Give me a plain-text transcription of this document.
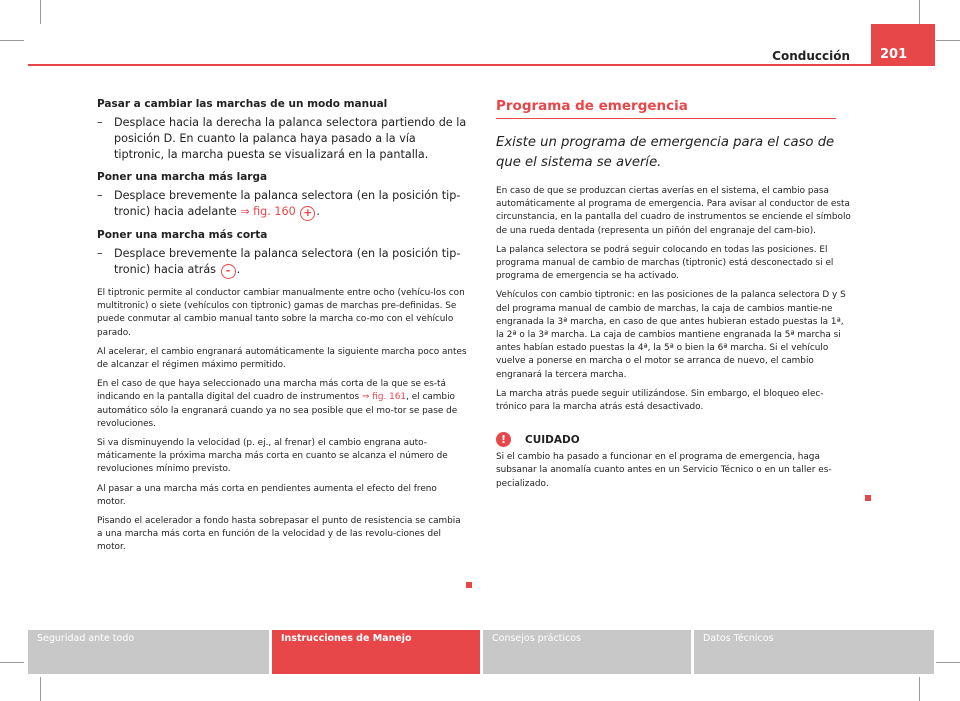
Conducción	201
Pasar a cambiar las marchas de un modo manual
–	Desplace hacia la derecha la palanca selectora partiendo de la posición D. En cuanto la palanca haya pasado a la vía tiptronic, la marcha puesta se visualizará en la pantalla.
Poner una marcha más larga
–	Desplace brevemente la palanca selectora (en la posición tip-tronic) hacia adelante ⇒ fig. 160 + .
Poner una marcha más corta
–	Desplace brevemente la palanca selectora (en la posición tip-tronic) hacia atrás - .

El tiptronic permite al conductor cambiar manualmente entre ocho (vehícu-los con multitronic) o siete (vehículos con tiptronic) gamas de marchas pre-definidas. Se puede conmutar al cambio manual tanto sobre la marcha co-mo con el vehículo parado.

Al acelerar, el cambio engranará automáticamente la siguiente marcha poco antes de alcanzar el régimen máximo permitido.

En el caso de que haya seleccionado una marcha más corta de la que se es-tá indicando en la pantalla digital del cuadro de instrumentos ⇒ fig. 161, el cambio automático sólo la engranará cuando ya no sea posible que el mo-tor se pase de revoluciones.

Si va disminuyendo la velocidad (p. ej., al frenar) el cambio engrana auto-máticamente la próxima marcha más corta en cuanto se alcanza el número de revoluciones mínimo previsto.

Al pasar a una marcha más corta en pendientes aumenta el efecto del freno motor.

Pisando el acelerador a fondo hasta sobrepasar el punto de resistencia se cambia a una marcha más corta en función de la velocidad y de las revolu-ciones del motor.

Programa de emergencia
Existe un programa de emergencia para el caso de que el sistema se averíe.

En caso de que se produzcan ciertas averías en el sistema, el cambio pasa automáticamente al programa de emergencia. Para avisar al conductor de esta circunstancia, en la pantalla del cuadro de instrumentos se enciende el símbolo de una rueda dentada (representa un piñón del engranaje del cam-bio).

La palanca selectora se podrá seguir colocando en todas las posiciones. El programa manual de cambio de marchas (tiptronic) está desconectado si el programa de emergencia se ha activado.

Vehículos con cambio tiptronic: en las posiciones de la palanca selectora D y S del programa manual de cambio de marchas, la caja de cambios mantie-ne engranada la 3ª marcha, en caso de que antes hubieran estado puestas la 1ª, la 2ª o la 3ª marcha. La caja de cambios mantiene engranada la 5ª marcha si antes habían estado puestas la 4ª, la 5ª o bien la 6ª marcha. Si el vehículo vuelve a ponerse en marcha o el motor se arranca de nuevo, el cambio engranará la tercera marcha.

La marcha atrás puede seguir utilizándose. Sin embargo, el bloqueo elec-trónico para la marcha atrás está desactivado.

!	CUIDADO

Si el cambio ha pasado a funcionar en el programa de emergencia, haga subsanar la anomalía cuanto antes en un Servicio Técnico o en un taller es-pecializado.

Seguridad ante todo	Instrucciones de Manejo	Consejos prácticos	Datos Técnicos
